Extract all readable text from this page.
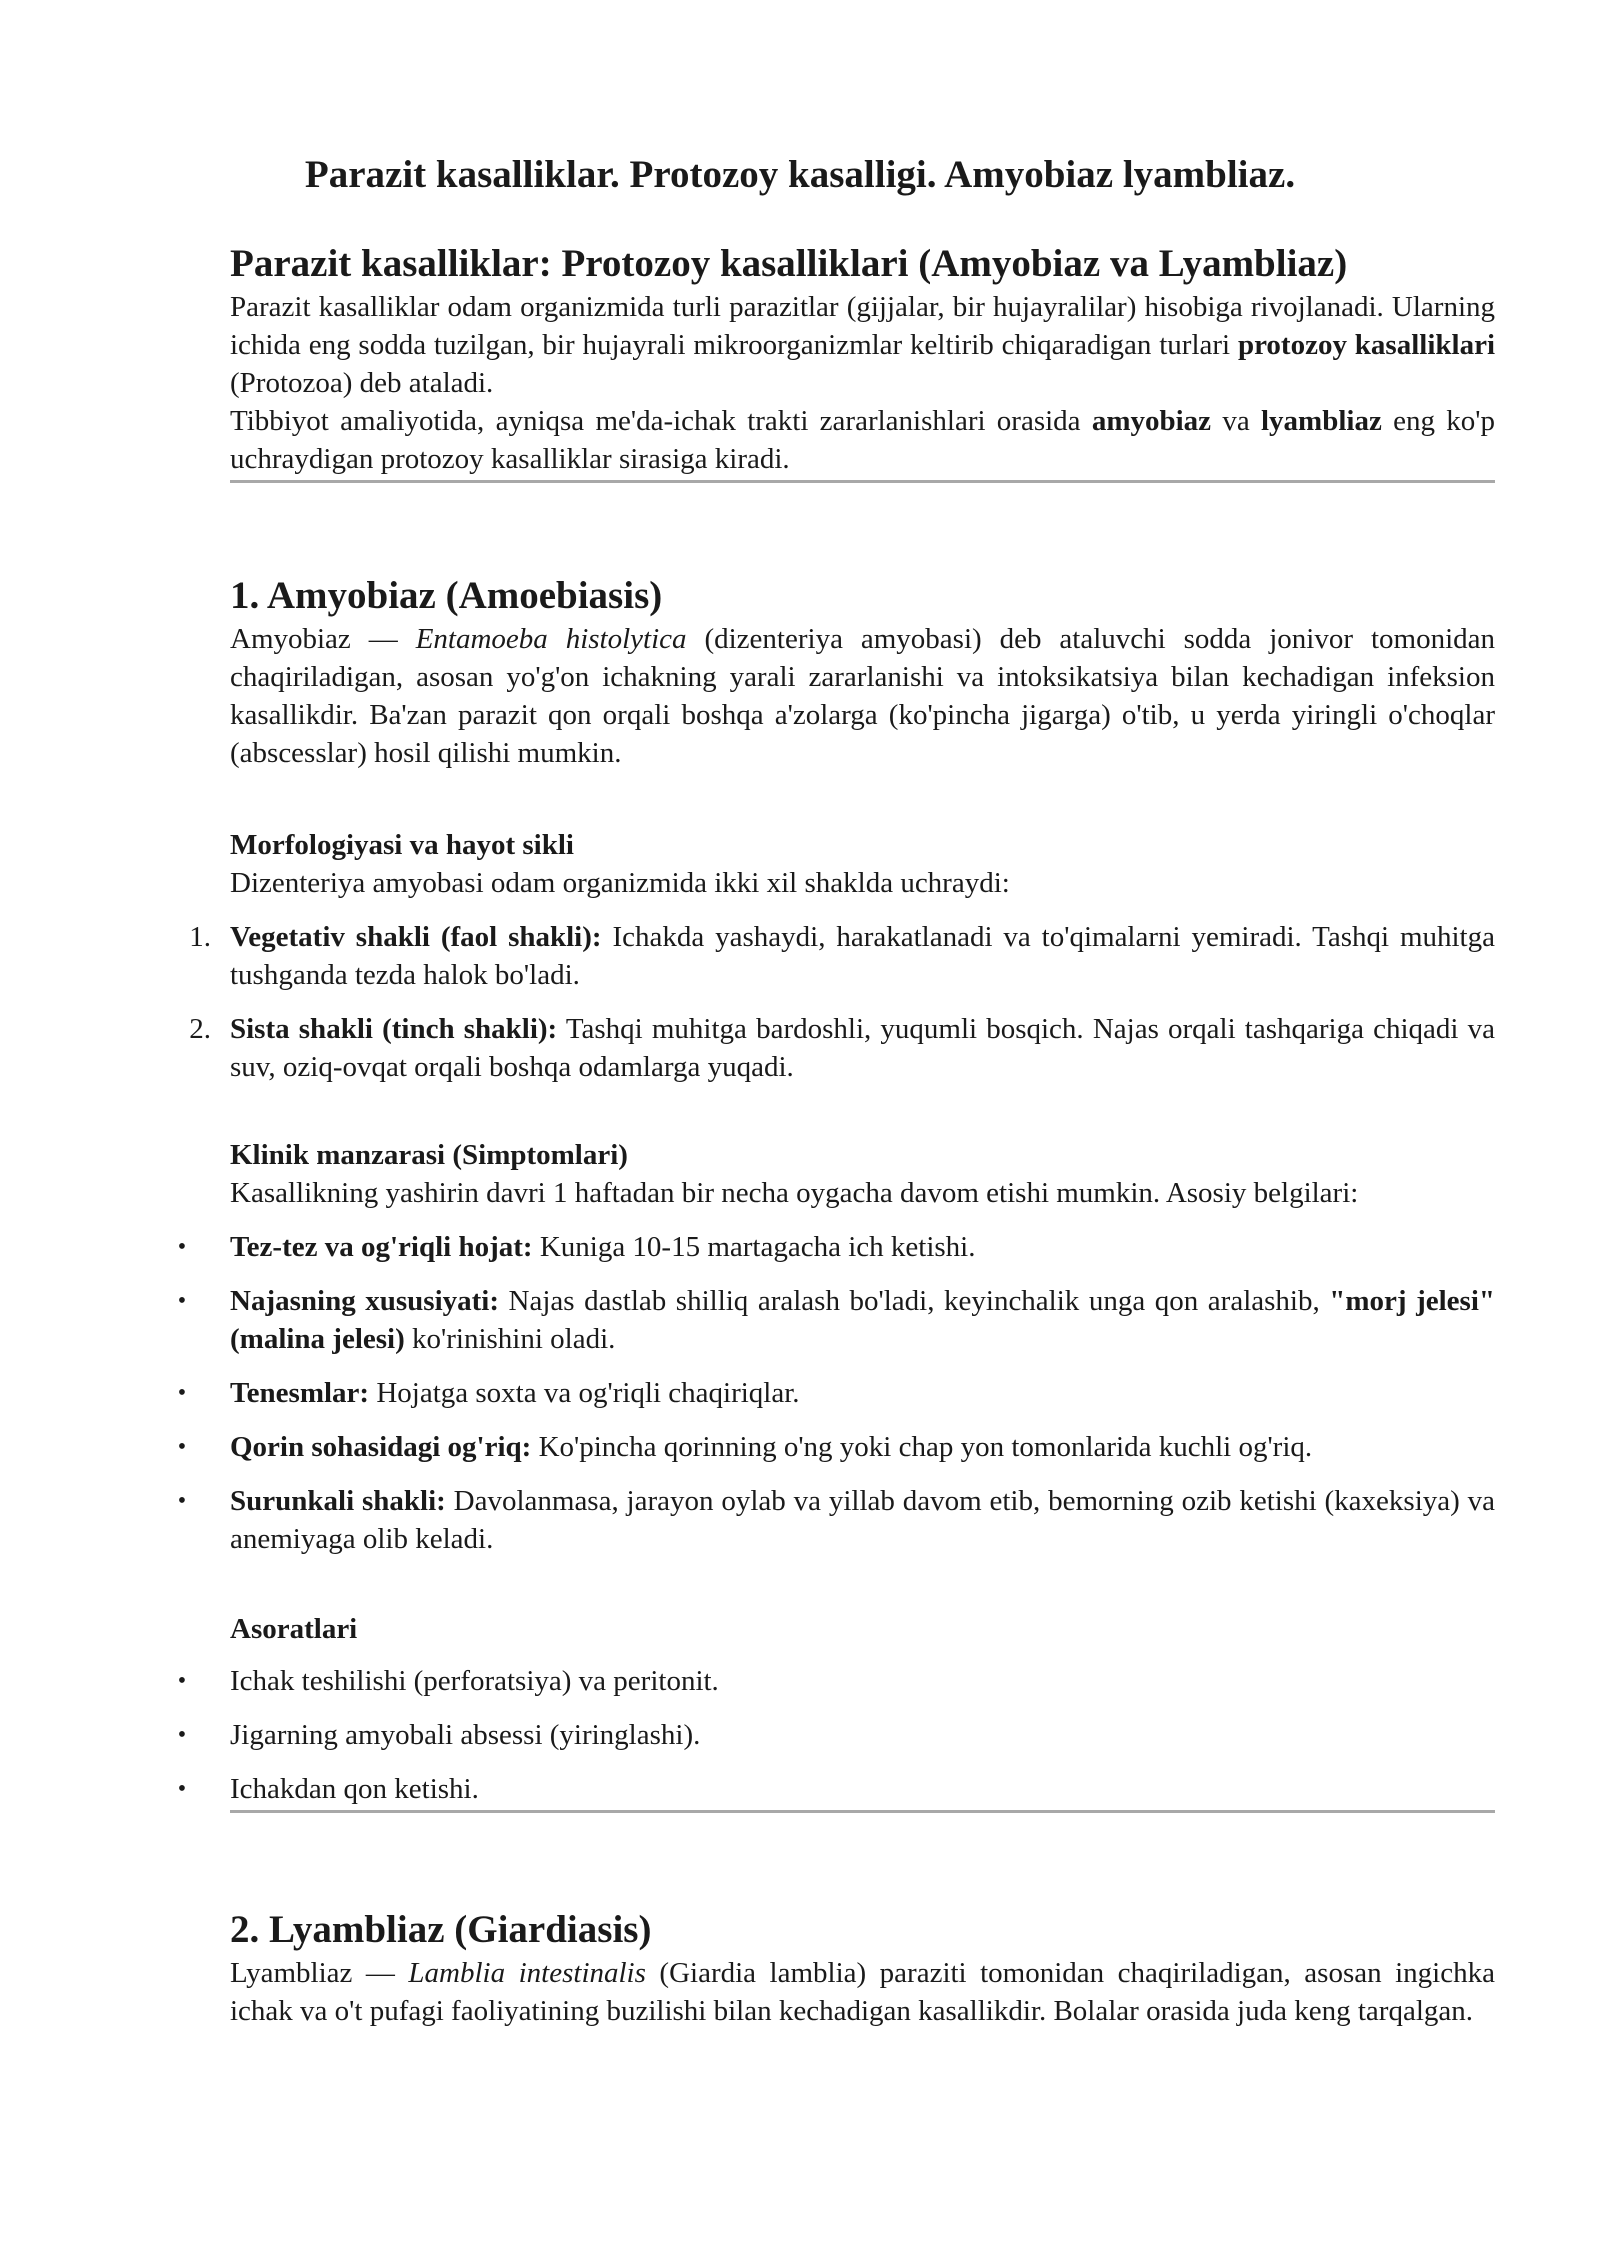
Parazit kasalliklar. Protozoy kasalligi. Amyobiaz lyambliaz.
Parazit kasalliklar: Protozoy kasalliklari (Amyobiaz va Lyambliaz)

Parazit kasalliklar odam organizmida turli parazitlar (gijjalar, bir hujayralilar) hisobiga rivojlanadi. Ularning ichida eng sodda tuzilgan, bir hujayrali mikroorganizmlar keltirib chiqaradigan turlari protozoy kasalliklari (Protozoa) deb ataladi.

Tibbiyot amaliyotida, ayniqsa me'da-ichak trakti zararlanishlari orasida amyobiaz va lyambliaz eng ko'p uchraydigan protozoy kasalliklar sirasiga kiradi.

1. Amyobiaz (Amoebiasis)

Amyobiaz — Entamoeba histolytica (dizenteriya amyobasi) deb ataluvchi sodda jonivor tomonidan chaqiriladigan, asosan yo'g'on ichakning yarali zararlanishi va intoksikatsiya bilan kechadigan infeksion kasallikdir. Ba'zan parazit qon orqali boshqa a'zolarga (ko'pincha jigarga) o'tib, u yerda yiringli o'choqlar (abscesslar) hosil qilishi mumkin.

Morfologiyasi va hayot sikli

Dizenteriya amyobasi odam organizmida ikki xil shaklda uchraydi:

1. Vegetativ shakli (faol shakli): Ichakda yashaydi, harakatlanadi va to'qimalarni yemiradi. Tashqi muhitga tushganda tezda halok bo'ladi.
2. Sista shakli (tinch shakli): Tashqi muhitga bardoshli, yuqumli bosqich. Najas orqali tashqariga chiqadi va suv, oziq-ovqat orqali boshqa odamlarga yuqadi.
Klinik manzarasi (Simptomlari)

Kasallikning yashirin davri 1 haftadan bir necha oygacha davom etishi mumkin. Asosiy belgilari:

• Tez-tez va og'riqli hojat: Kuniga 10-15 martagacha ich ketishi.
• Najasning xususiyati: Najas dastlab shilliq aralash bo'ladi, keyinchalik unga qon aralashib, "morj jelesi" (malina jelesi) ko'rinishini oladi.
• Tenesmlar: Hojatga soxta va og'riqli chaqiriqlar.
• Qorin sohasidagi og'riq: Ko'pincha qorinning o'ng yoki chap yon tomonlarida kuchli og'riq.
• Surunkali shakli: Davolanmasa, jarayon oylab va yillab davom etib, bemorning ozib ketishi (kaxeksiya) va anemiyaga olib keladi.
Asoratlari
• Ichak teshilishi (perforatsiya) va peritonit.
• Jigarning amyobali absessi (yiringlashi).
• Ichakdan qon ketishi.
2. Lyambliaz (Giardiasis)

Lyambliaz — Lamblia intestinalis (Giardia lamblia) paraziti tomonidan chaqiriladigan, asosan ingichka ichak va o't pufagi faoliyatining buzilishi bilan kechadigan kasallikdir. Bolalar orasida juda keng tarqalgan.
